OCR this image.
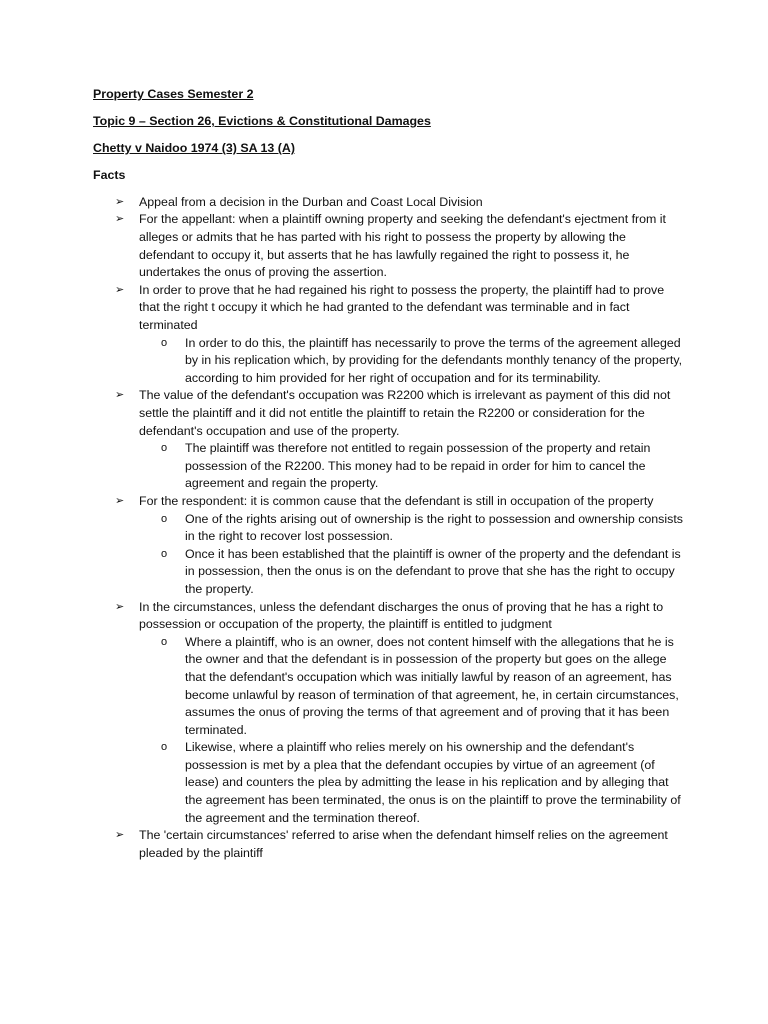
Property Cases Semester 2
Topic 9 – Section 26, Evictions & Constitutional Damages
Chetty v Naidoo 1974 (3) SA 13 (A)
Facts
➢ Appeal from a decision in the Durban and Coast Local Division
➢ For the appellant: when a plaintiff owning property and seeking the defendant's ejectment from it alleges or admits that he has parted with his right to possess the property by allowing the defendant to occupy it, but asserts that he has lawfully regained the right to possess it, he undertakes the onus of proving the assertion.
➢ In order to prove that he had regained his right to possess the property, the plaintiff had to prove that the right t occupy it which he had granted to the defendant was terminable and in fact terminated
o In order to do this, the plaintiff has necessarily to prove the terms of the agreement alleged by in his replication which, by providing for the defendants monthly tenancy of the property, according to him provided for her right of occupation and for its terminability.
➢ The value of the defendant's occupation was R2200 which is irrelevant as payment of this did not settle the plaintiff and it did not entitle the plaintiff to retain the R2200 or consideration for the defendant's occupation and use of the property.
o The plaintiff was therefore not entitled to regain possession of the property and retain possession of the R2200. This money had to be repaid in order for him to cancel the agreement and regain the property.
➢ For the respondent: it is common cause that the defendant is still in occupation of the property
o One of the rights arising out of ownership is the right to possession and ownership consists in the right to recover lost possession.
o Once it has been established that the plaintiff is owner of the property and the defendant is in possession, then the onus is on the defendant to prove that she has the right to occupy the property.
➢ In the circumstances, unless the defendant discharges the onus of proving that he has a right to possession or occupation of the property, the plaintiff is entitled to judgment
o Where a plaintiff, who is an owner, does not content himself with the allegations that he is the owner and that the defendant is in possession of the property but goes on the allege that the defendant's occupation which was initially lawful by reason of an agreement, has become unlawful by reason of termination of that agreement, he, in certain circumstances, assumes the onus of proving the terms of that agreement and of proving that it has been terminated.
o Likewise, where a plaintiff who relies merely on his ownership and the defendant's possession is met by a plea that the defendant occupies by virtue of an agreement (of lease) and counters the plea by admitting the lease in his replication and by alleging that the agreement has been terminated, the onus is on the plaintiff to prove the terminability of the agreement and the termination thereof.
➢ The 'certain circumstances' referred to arise when the defendant himself relies on the agreement pleaded by the plaintiff
